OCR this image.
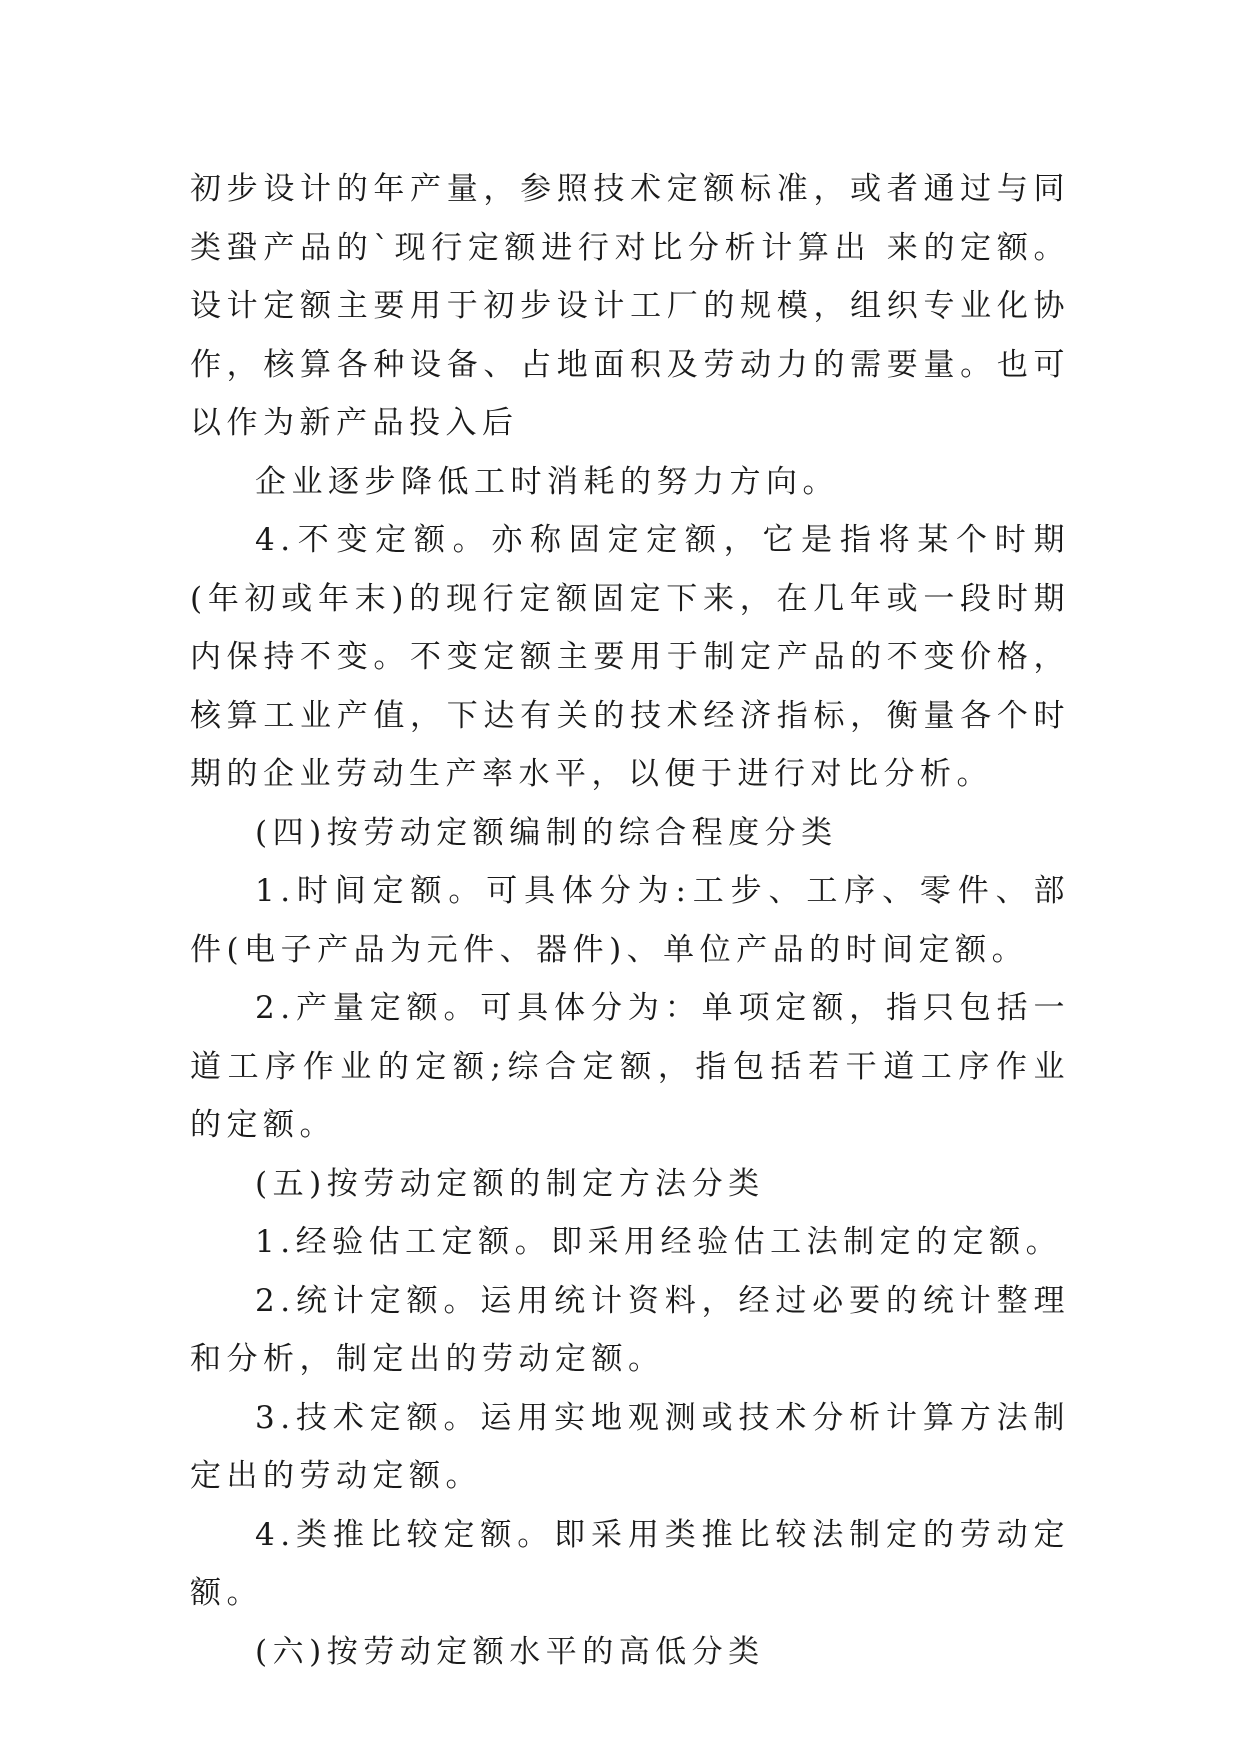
初步设计的年产量，参照技术定额标准，或者通过与同类蛩产品的`现行定额进行对比分析计算出 来的定额。设计定额主要用于初步设计工厂的规模，组织专业化协作，核算各种设备、占地面积及劳动力的需要量。也可以作为新产品投入后

企业逐步降低工时消耗的努力方向。

4.不变定额。亦称固定定额，它是指将某个时期(年初或年末)的现行定额固定下来，在几年或一段时期内保持不变。不变定额主要用于制定产品的不变价格，核算工业产值，下达有关的技术经济指标，衡量各个时期的企业劳动生产率水平，以便于进行对比分析。

(四)按劳动定额编制的综合程度分类

1.时间定额。可具体分为:工步、工序、零件、部件(电子产品为元件、器件)、单位产品的时间定额。

2.产量定额。可具体分为：单项定额，指只包括一道工序作业的定额;综合定额，指包括若干道工序作业的定额。

(五)按劳动定额的制定方法分类

1.经验估工定额。即采用经验估工法制定的定额。

2.统计定额。运用统计资料，经过必要的统计整理和分析，制定出的劳动定额。

3.技术定额。运用实地观测或技术分析计算方法制定出的劳动定额。

4.类推比较定额。即采用类推比较法制定的劳动定额。

(六)按劳动定额水平的高低分类
